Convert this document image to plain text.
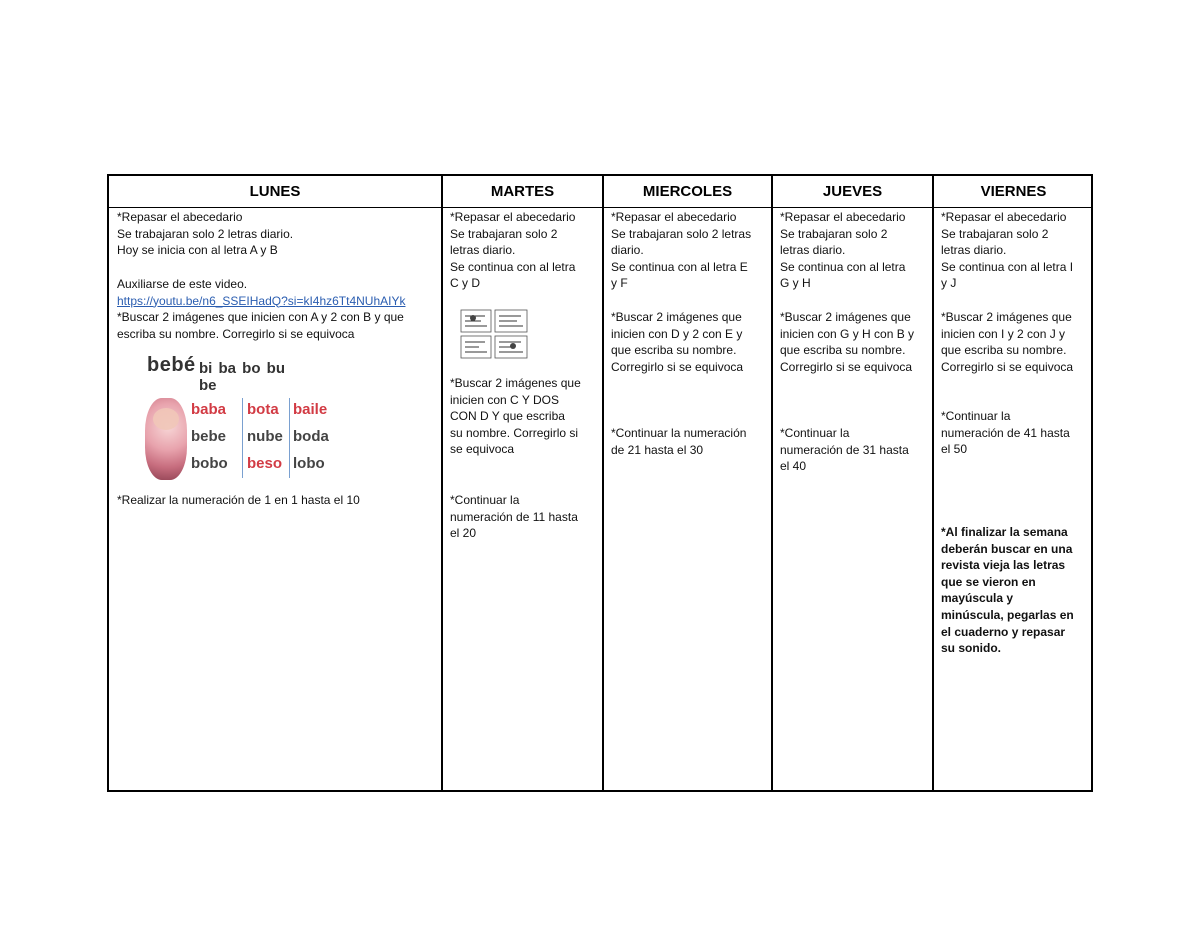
LUNES
*Repasar el abecedario
Se trabajaran solo 2 letras diario.
Hoy se inicia con al letra A y B
Auxiliarse de este video.
https://youtu.be/n6_SSEIHadQ?si=kI4hz6Tt4NUhAIYk
*Buscar 2 imágenes que inicien con A y 2 con B y que escriba su nombre. Corregirlo si se equivoca
bebé bi ba bo bu be
baba
bebe
bobo
bota
nube
beso
baile
boda
lobo
*Realizar la numeración de 1 en 1 hasta el 10
MARTES
*Repasar el abecedario
Se trabajaran solo 2
letras diario.
Se continua con al letra
C y D
*Buscar 2 imágenes que
inicien con C Y DOS
CON D Y que escriba
su nombre. Corregirlo si
se equivoca
*Continuar la
numeración de 11 hasta
el 20
MIERCOLES
*Repasar el abecedario
Se trabajaran solo 2 letras
diario.
Se continua con al letra E
y F
*Buscar 2 imágenes que
inicien con D y 2 con E y
que escriba su nombre.
Corregirlo si se equivoca
*Continuar la numeración
de 21 hasta el 30
JUEVES
*Repasar el abecedario
Se trabajaran solo 2
letras diario.
Se continua con al letra
G y H
*Buscar 2 imágenes que
inicien con G y H con B y
que escriba su nombre.
Corregirlo si se equivoca
*Continuar la
numeración de 31 hasta
el 40
VIERNES
*Repasar el abecedario
Se trabajaran solo 2
letras diario.
Se continua con al letra I
y J
*Buscar 2 imágenes que
inicien con I y 2 con J y
que escriba su nombre.
Corregirlo si se equivoca
*Continuar la
numeración de 41 hasta
el 50
*Al finalizar la semana
deberán buscar en una
revista vieja las letras
que se vieron en
mayúscula y
minúscula, pegarlas en
el cuaderno y repasar
su sonido.
